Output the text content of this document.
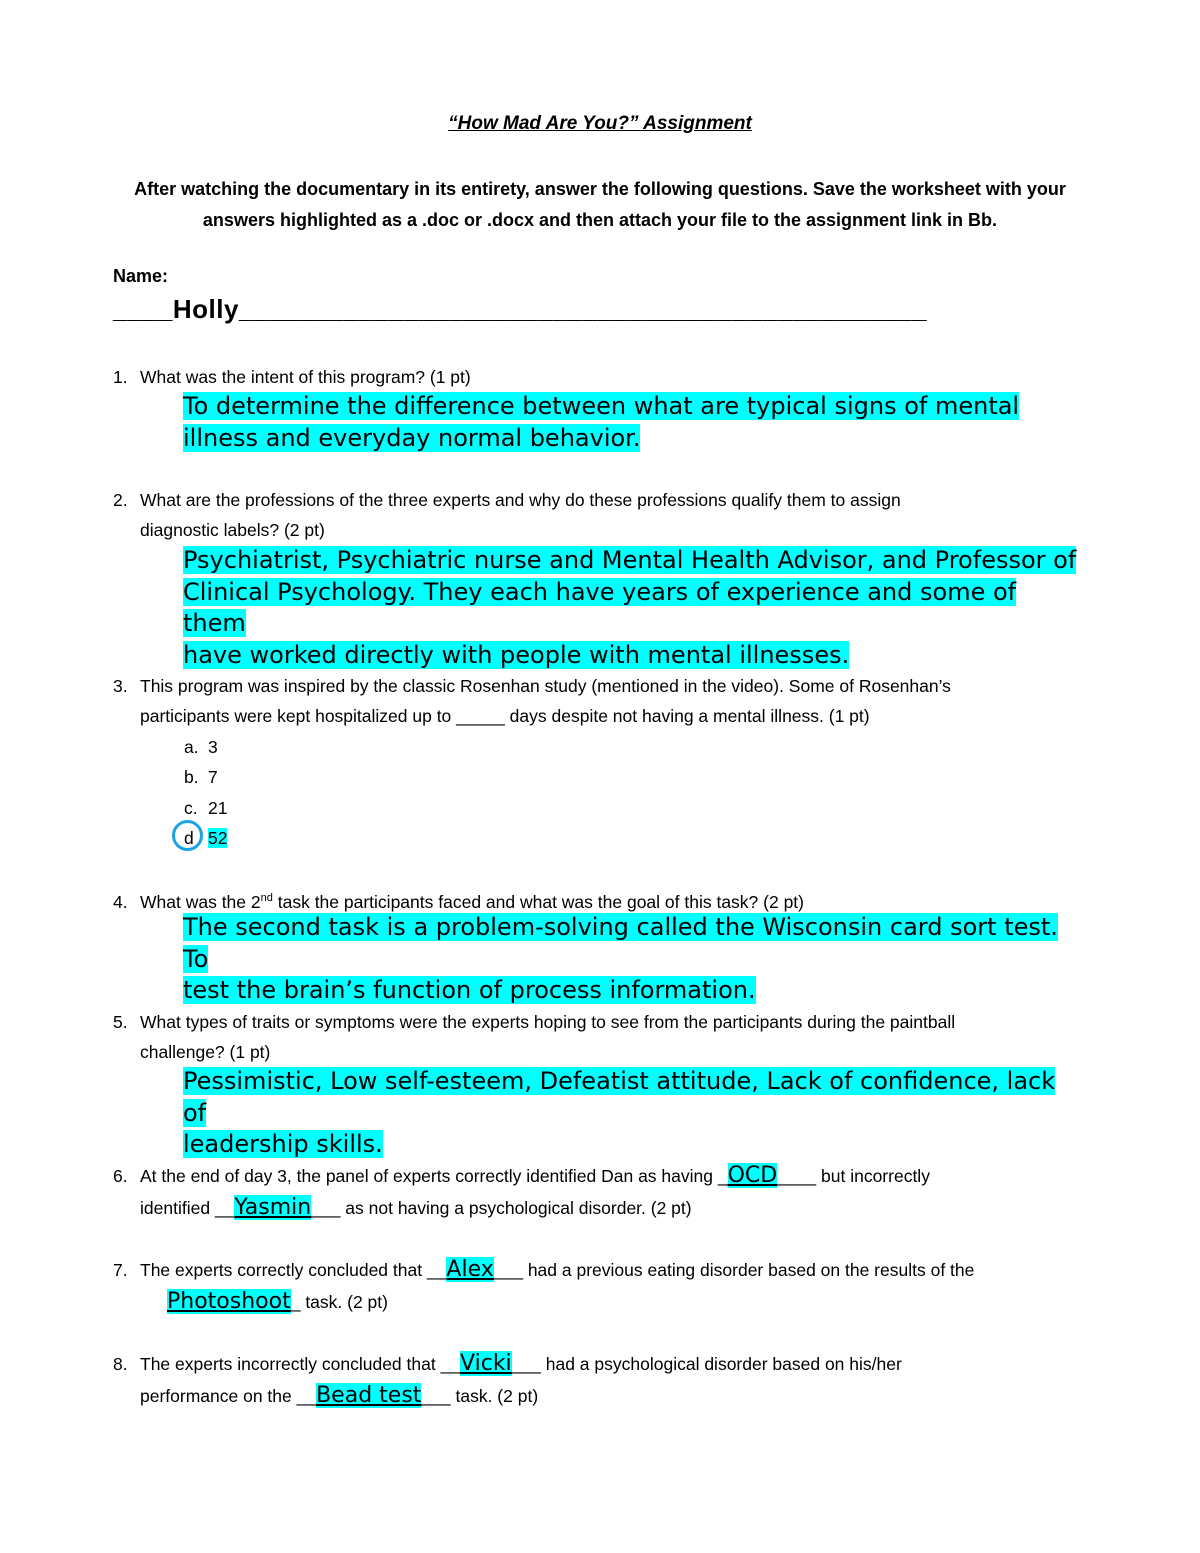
“How Mad Are You?” Assignment
After watching the documentary in its entirety, answer the following questions. Save the worksheet with your answers highlighted as a .doc or .docx and then attach your file to the assignment link in Bb.
Name:
____Holly______________________________________________
1. What was the intent of this program? (1 pt)
To determine the difference between what are typical signs of mental
illness and everyday normal behavior.
2. What are the professions of the three experts and why do these professions qualify them to assign
diagnostic labels? (2 pt)
Psychiatrist, Psychiatric nurse and Mental Health Advisor, and Professor of
Clinical Psychology. They each have years of experience and some of them
have worked directly with people with mental illnesses.
3. This program was inspired by the classic Rosenhan study (mentioned in the video). Some of Rosenhan’s
participants were kept hospitalized up to _____ days despite not having a mental illness. (1 pt)
a. 3
b. 7
c. 21
d 52
4. What was the 2nd task the participants faced and what was the goal of this task? (2 pt)
The second task is a problem-solving called the Wisconsin card sort test. To
test the brain’s function of process information.
5. What types of traits or symptoms were the experts hoping to see from the participants during the paintball
challenge? (1 pt)
Pessimistic, Low self-esteem, Defeatist attitude, Lack of confidence, lack of
leadership skills.
6. At the end of day 3, the panel of experts correctly identified Dan as having _OCD____ but incorrectly
identified __Yasmin___ as not having a psychological disorder. (2 pt)
7. The experts correctly concluded that __Alex___ had a previous eating disorder based on the results of the
Photoshoot_ task. (2 pt)
8. The experts incorrectly concluded that __Vicki___ had a psychological disorder based on his/her
performance on the __Bead test___ task. (2 pt)
